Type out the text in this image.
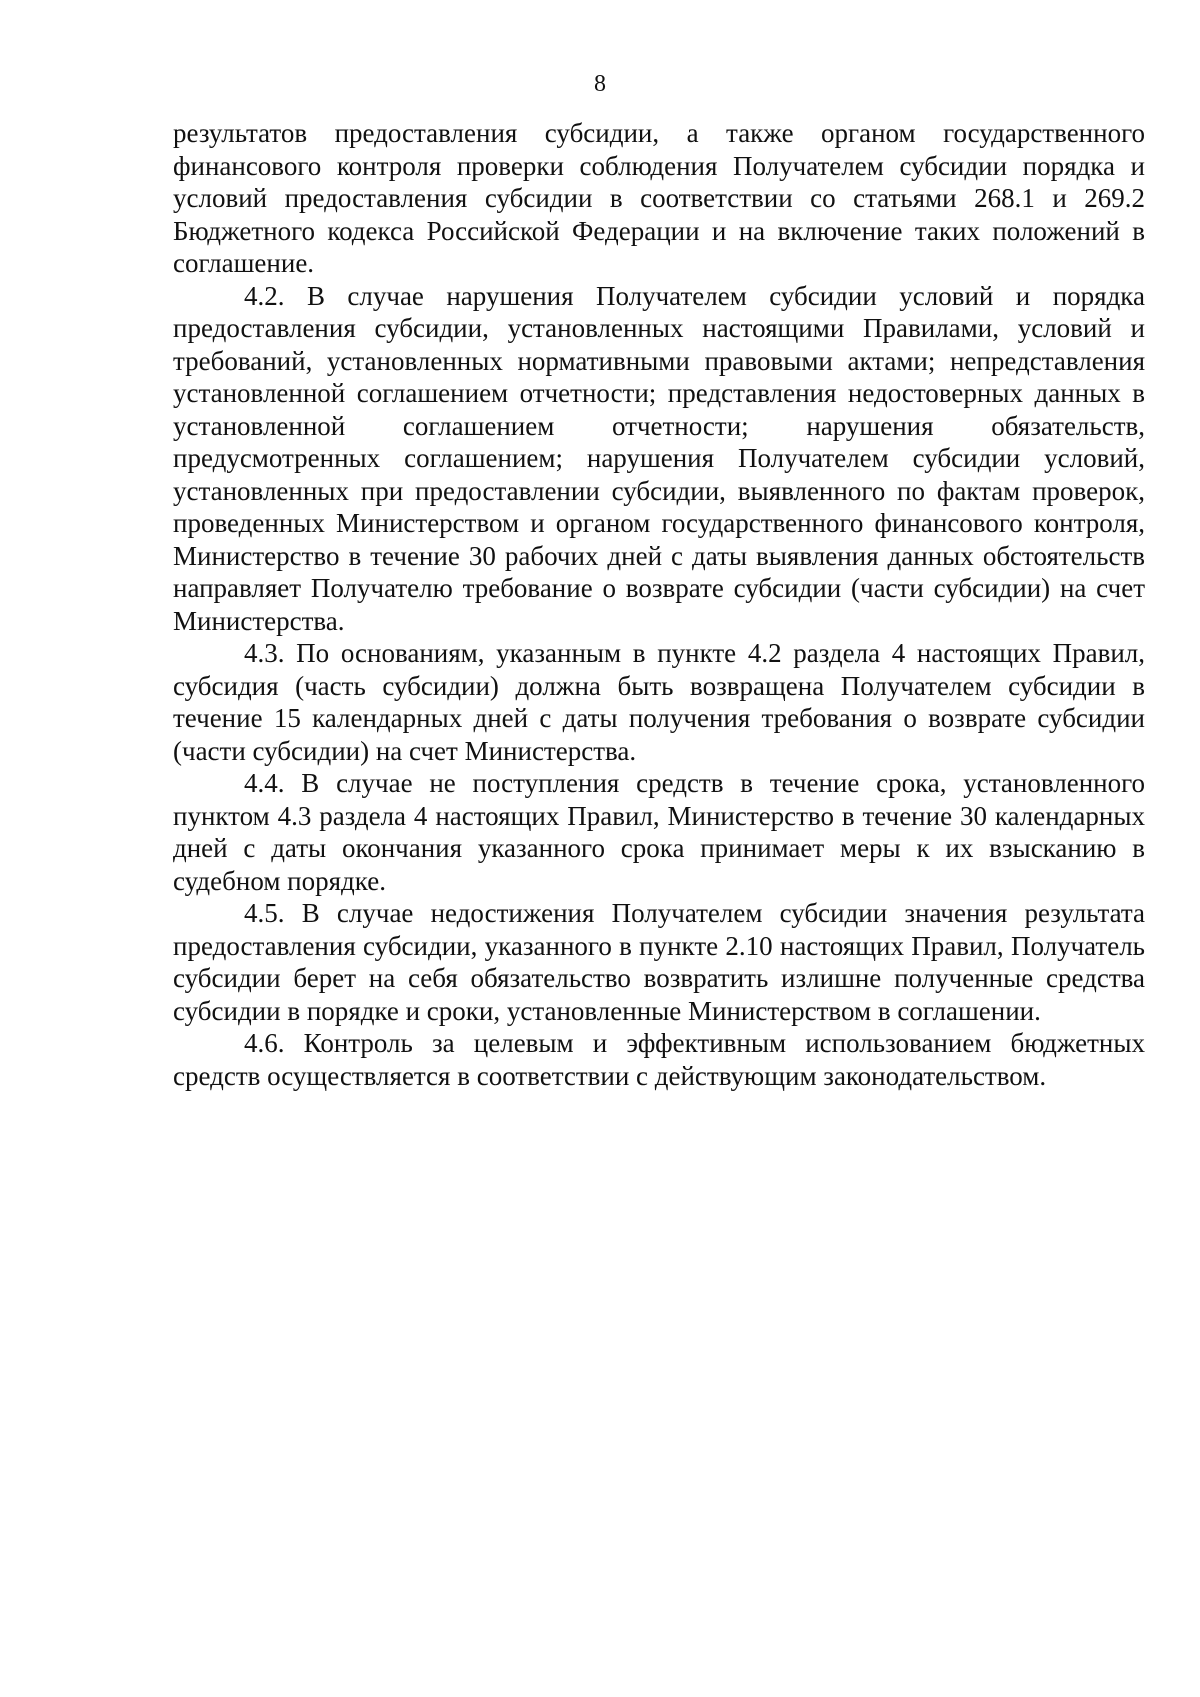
8

результатов предоставления субсидии, а также органом государственного финансового контроля проверки соблюдения Получателем субсидии порядка и условий предоставления субсидии в соответствии со статьями 268.1 и 269.2 Бюджетного кодекса Российской Федерации и на включение таких положений в соглашение.

4.2. В случае нарушения Получателем субсидии условий и порядка предоставления субсидии, установленных настоящими Правилами, условий и требований, установленных нормативными правовыми актами; непредставления установленной соглашением отчетности; представления недостоверных данных в установленной соглашением отчетности; нарушения обязательств, предусмотренных соглашением; нарушения Получателем субсидии условий, установленных при предоставлении субсидии, выявленного по фактам проверок, проведенных Министерством и органом государственного финансового контроля, Министерство в течение 30 рабочих дней с даты выявления данных обстоятельств направляет Получателю требование о возврате субсидии (части субсидии) на счет Министерства.

4.3. По основаниям, указанным в пункте 4.2 раздела 4 настоящих Правил, субсидия (часть субсидии) должна быть возвращена Получателем субсидии в течение 15 календарных дней с даты получения требования о возврате субсидии (части субсидии) на счет Министерства.

4.4. В случае не поступления средств в течение срока, установленного пунктом 4.3 раздела 4 настоящих Правил, Министерство в течение 30 календарных дней с даты окончания указанного срока принимает меры к их взысканию в судебном порядке.

4.5. В случае недостижения Получателем субсидии значения результата предоставления субсидии, указанного в пункте 2.10 настоящих Правил, Получатель субсидии берет на себя обязательство возвратить излишне полученные средства субсидии в порядке и сроки, установленные Министерством в соглашении.

4.6. Контроль за целевым и эффективным использованием бюджетных средств осуществляется в соответствии с действующим законодательством.
